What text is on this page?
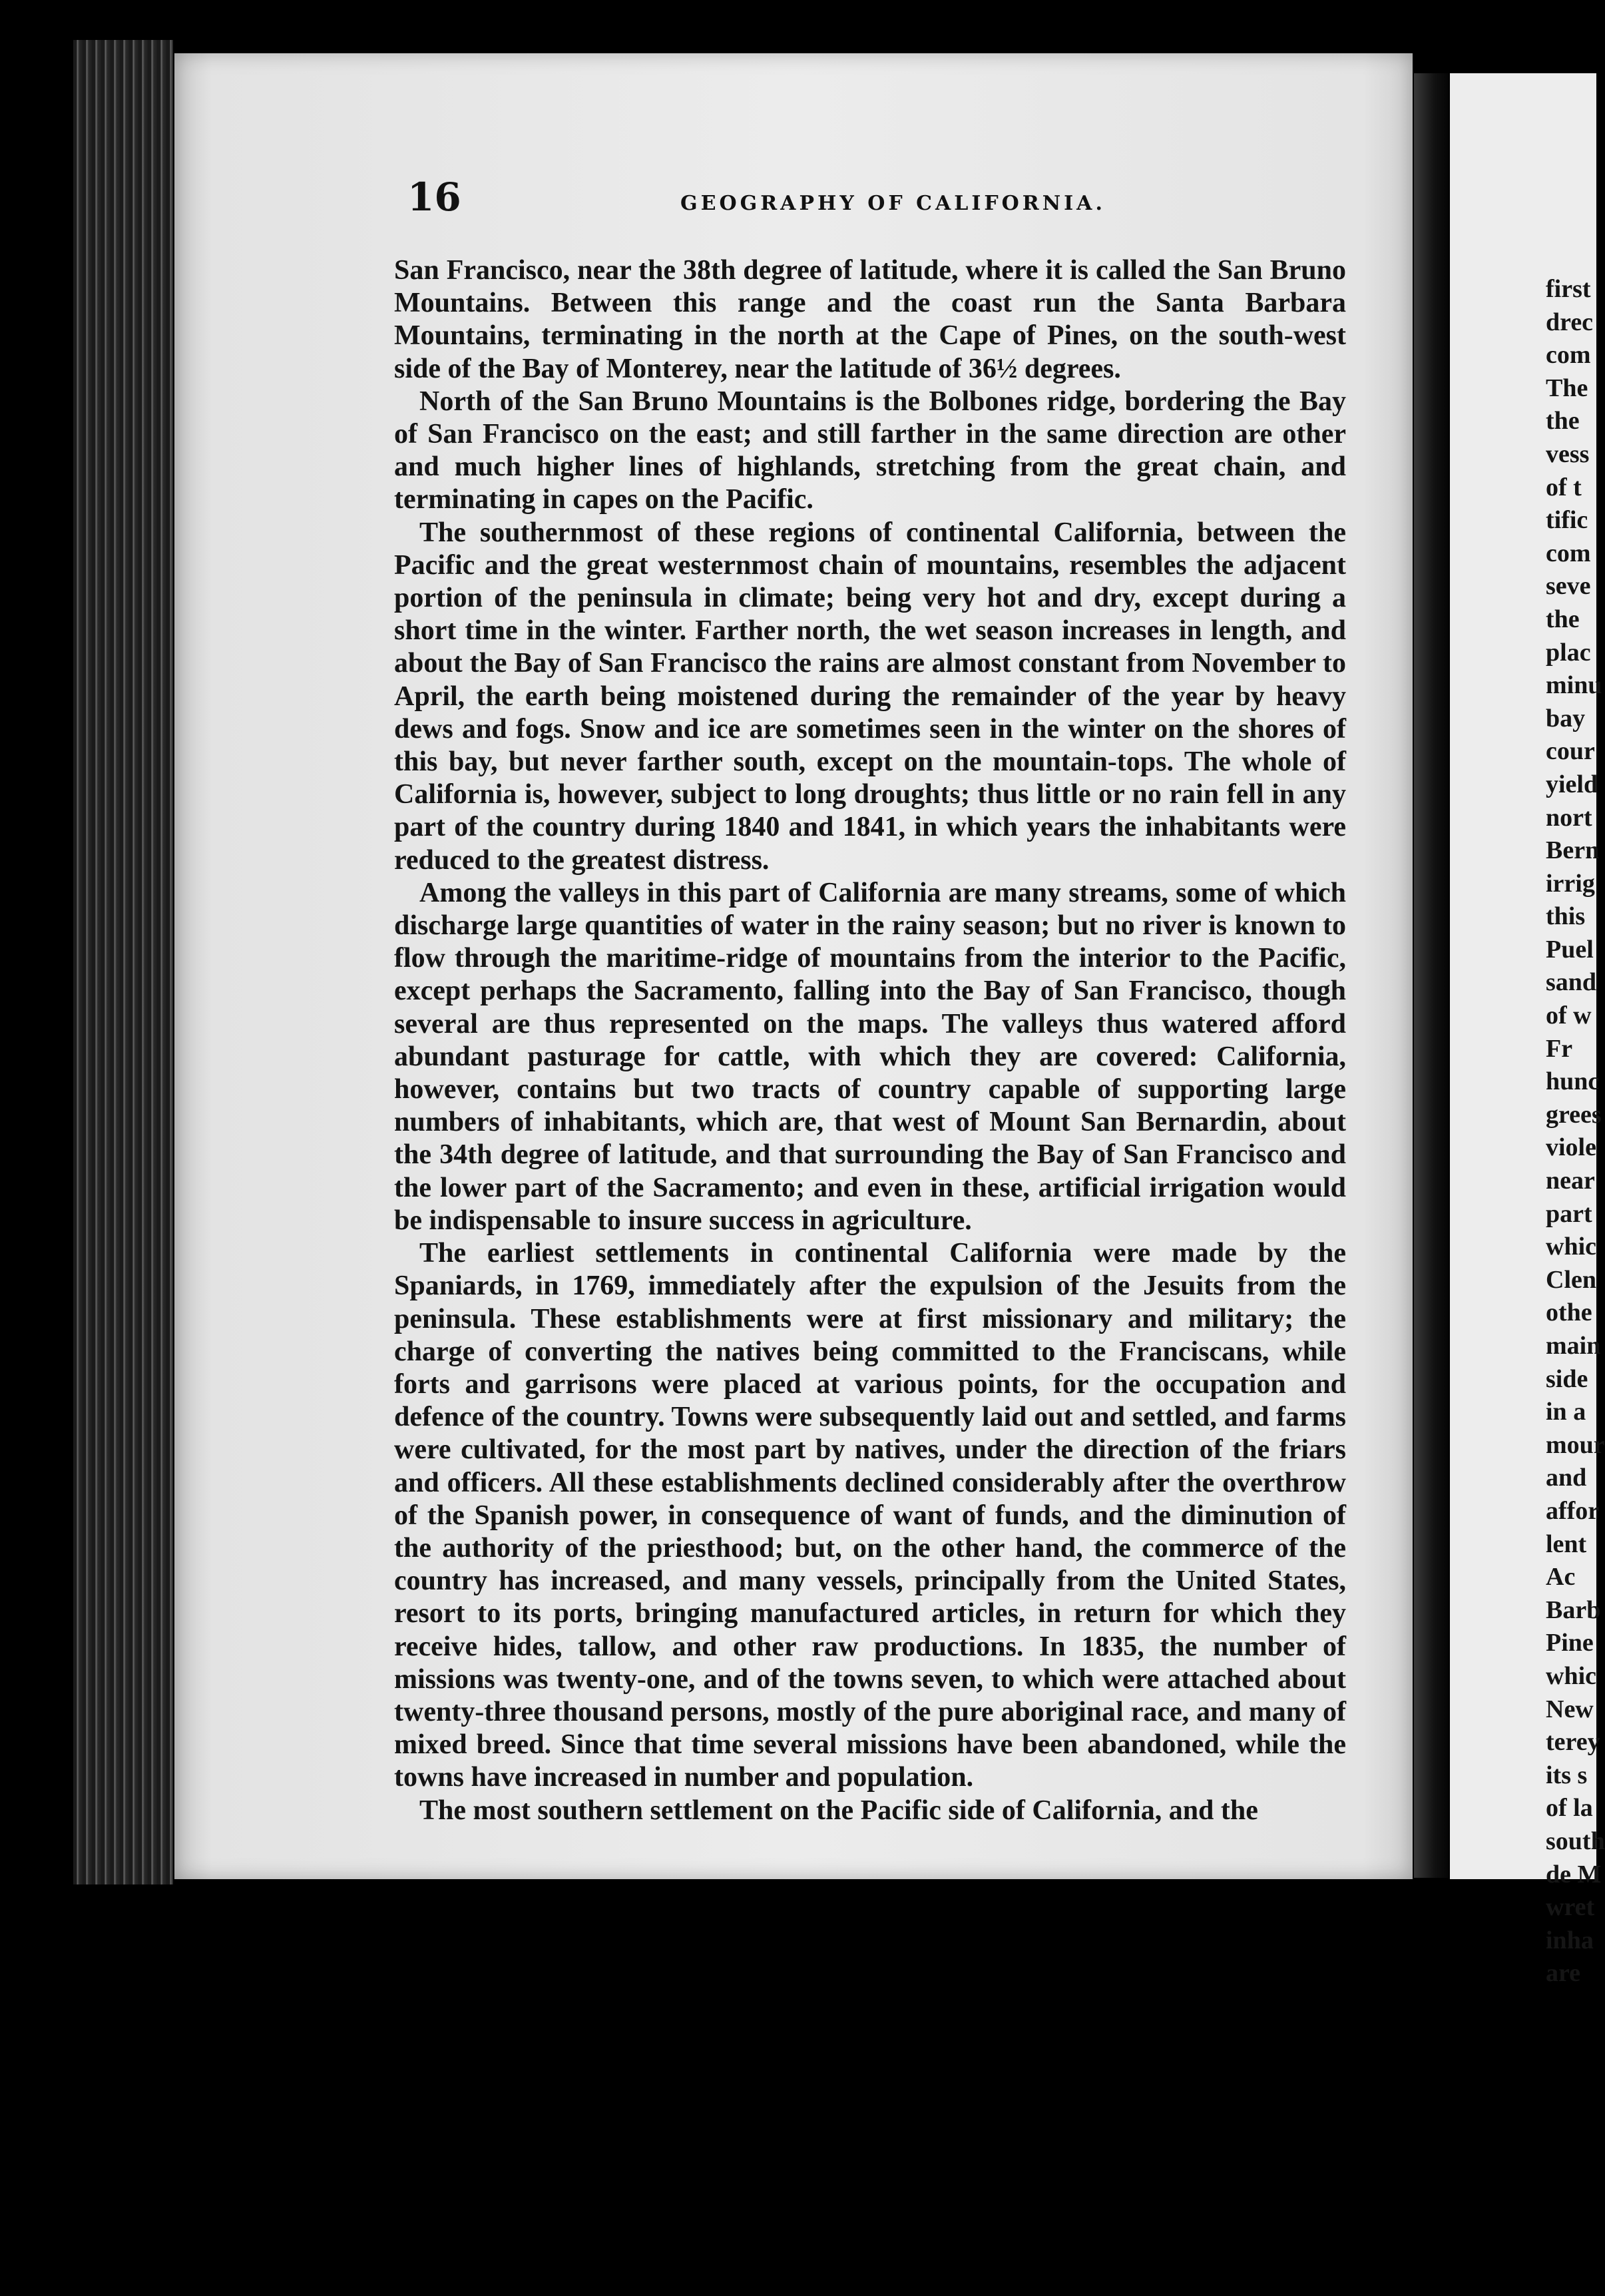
16	GEOGRAPHY OF CALIFORNIA.

San Francisco, near the 38th degree of latitude, where it is called the San Bruno Mountains. Between this range and the coast run the Santa Barbara Mountains, terminating in the north at the Cape of Pines, on the south-west side of the Bay of Monterey, near the latitude of 36½ degrees.

North of the San Bruno Mountains is the Bolbones ridge, bordering the Bay of San Francisco on the east; and still farther in the same direction are other and much higher lines of highlands, stretching from the great chain, and terminating in capes on the Pacific.

The southernmost of these regions of continental California, between the Pacific and the great westernmost chain of mountains, resembles the adjacent portion of the peninsula in climate; being very hot and dry, except during a short time in the winter. Farther north, the wet season increases in length, and about the Bay of San Francisco the rains are almost constant from November to April, the earth being moistened during the remainder of the year by heavy dews and fogs. Snow and ice are sometimes seen in the winter on the shores of this bay, but never farther south, except on the mountain-tops. The whole of California is, however, subject to long droughts; thus little or no rain fell in any part of the country during 1840 and 1841, in which years the inhabitants were reduced to the greatest distress.

Among the valleys in this part of California are many streams, some of which discharge large quantities of water in the rainy season; but no river is known to flow through the maritime-ridge of mountains from the interior to the Pacific, except perhaps the Sacramento, falling into the Bay of San Francisco, though several are thus represented on the maps. The valleys thus watered afford abundant pasturage for cattle, with which they are covered: California, however, contains but two tracts of country capable of supporting large numbers of inhabitants, which are, that west of Mount San Bernardin, about the 34th degree of latitude, and that surrounding the Bay of San Francisco and the lower part of the Sacramento; and even in these, artificial irrigation would be indispensable to insure success in agriculture.

The earliest settlements in continental California were made by the Spaniards, in 1769, immediately after the expulsion of the Jesuits from the peninsula. These establishments were at first missionary and military; the charge of converting the natives being committed to the Franciscans, while forts and garrisons were placed at various points, for the occupation and defence of the country. Towns were subsequently laid out and settled, and farms were cultivated, for the most part by natives, under the direction of the friars and officers. All these establishments declined considerably after the overthrow of the Spanish power, in consequence of want of funds, and the diminution of the authority of the priesthood; but, on the other hand, the commerce of the country has increased, and many vessels, principally from the United States, resort to its ports, bringing manufactured articles, in return for which they receive hides, tallow, and other raw productions. In 1835, the number of missions was twenty-one, and of the towns seven, to which were attached about twenty-three thousand persons, mostly of the pure aboriginal race, and many of mixed breed. Since that time several missions have been abandoned, while the towns have increased in number and population.

The most southern settlement on the Pacific side of California, and the

first
drec
com
The
the
vess
of t
tific
com
seve
the
plac
minu
bay
cour
yield
nort
Bern
irrig
this
Puel
sand
of w
Fr
hunc
grees
viole
near
part
whic
Clen
othe
main
side
in a
mour
and
affor
lent
Ac
Barb
Pine
whic
New
terey
its s
of la
south
de M
wret
inha
are
